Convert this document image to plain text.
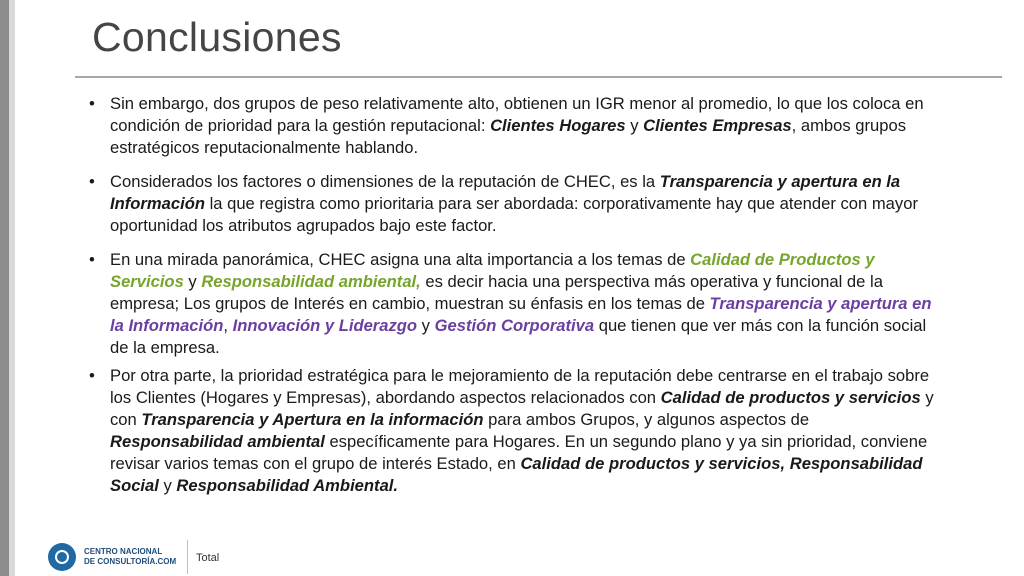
Conclusiones
• Sin embargo, dos grupos de peso relativamente alto, obtienen un IGR menor al promedio, lo que los coloca en condición de prioridad para la gestión reputacional: Clientes Hogares y Clientes Empresas, ambos grupos estratégicos reputacionalmente hablando.
• Considerados los factores o dimensiones de la reputación de CHEC, es la Transparencia y apertura en la Información la que registra como prioritaria para ser abordada: corporativamente hay que atender con mayor oportunidad los atributos agrupados bajo este factor.
• En una mirada panorámica, CHEC asigna una alta importancia a los temas de Calidad de Productos y Servicios y Responsabilidad ambiental, es decir hacia una perspectiva más operativa y funcional de la empresa; Los grupos de Interés en cambio, muestran su énfasis en los temas de Transparencia y apertura en la Información, Innovación y Liderazgo y Gestión Corporativa que tienen que ver más con la función social de la empresa.
• Por otra parte, la prioridad estratégica para le mejoramiento de la reputación debe centrarse en el trabajo sobre los Clientes (Hogares y Empresas), abordando aspectos relacionados con Calidad de productos y servicios y con Transparencia y Apertura en la información para ambos Grupos, y algunos aspectos de Responsabilidad ambiental específicamente para Hogares. En un segundo plano y ya sin prioridad, conviene revisar varios temas con el grupo de interés Estado, en Calidad de productos y servicios, Responsabilidad Social y Responsabilidad Ambiental.
CENTRO NACIONAL
DE CONSULTORÍA.COM Total
